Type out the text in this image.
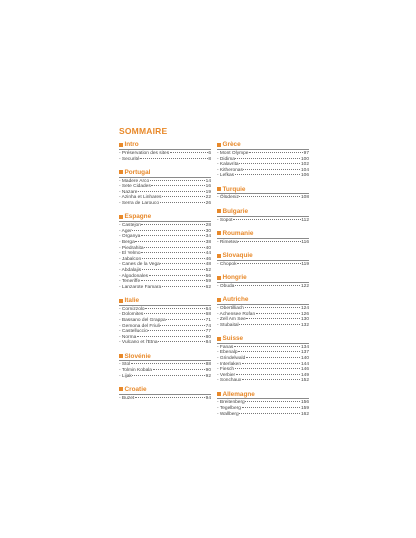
SOMMAIRE
Intro
- Préservation des sites	6
- Securité	8
Portugal
- Madere Arco	14
- Sete Cidades	16
- Nazare	19
- Azinha et Linhares	22
- Serra de Larouco	26
Espagne
- Castejon	28
- Ager	30
- Organya	34
- Berga	38
- Piedrahita	40
- El Yelmo	44
- Jabalcon	46
- Canes de la Vega	48
- Abdalajis	52
- Algodonales	56
- Teneriffe	59
- Lanzarote Famara	62
Italie
- Cornizzolo	64
- Dolomites	68
- Bassano del Grappa	71
- Gemona del Friuli	74
- Castelluccio	77
- Norma	80
- Vulcano et l'Etna	84
Slovénie
- Stol	88
- Tolmin Kobala	90
- Lijak	92
Croatie
- Buzet	94
Grèce
- Mont Olympe	97
- Didima	100
- Kalavrita	102
- Kitheronas	104
- Lefkas	106
Turquie
- Ölüdeniz	108
Bulgarie
- Sopot	112
Roumanie
- Rimetea	116
Slovaquie
- Chopok	119
Hongrie
- Obuda	122
Autriche
- Obertilliach	124
- Achensee Rofan	126
- Zell Am See	130
- Stubaital	132
Suisse
- Fanas	134
- Ebenalp	137
- Grindelwald	140
- Interlaken	144
- Fiesch	146
- Verbier	149
- Sonchaux	152
Allemagne
- Breitenberg	156
- Tegelberg	159
- Wallberg	162
